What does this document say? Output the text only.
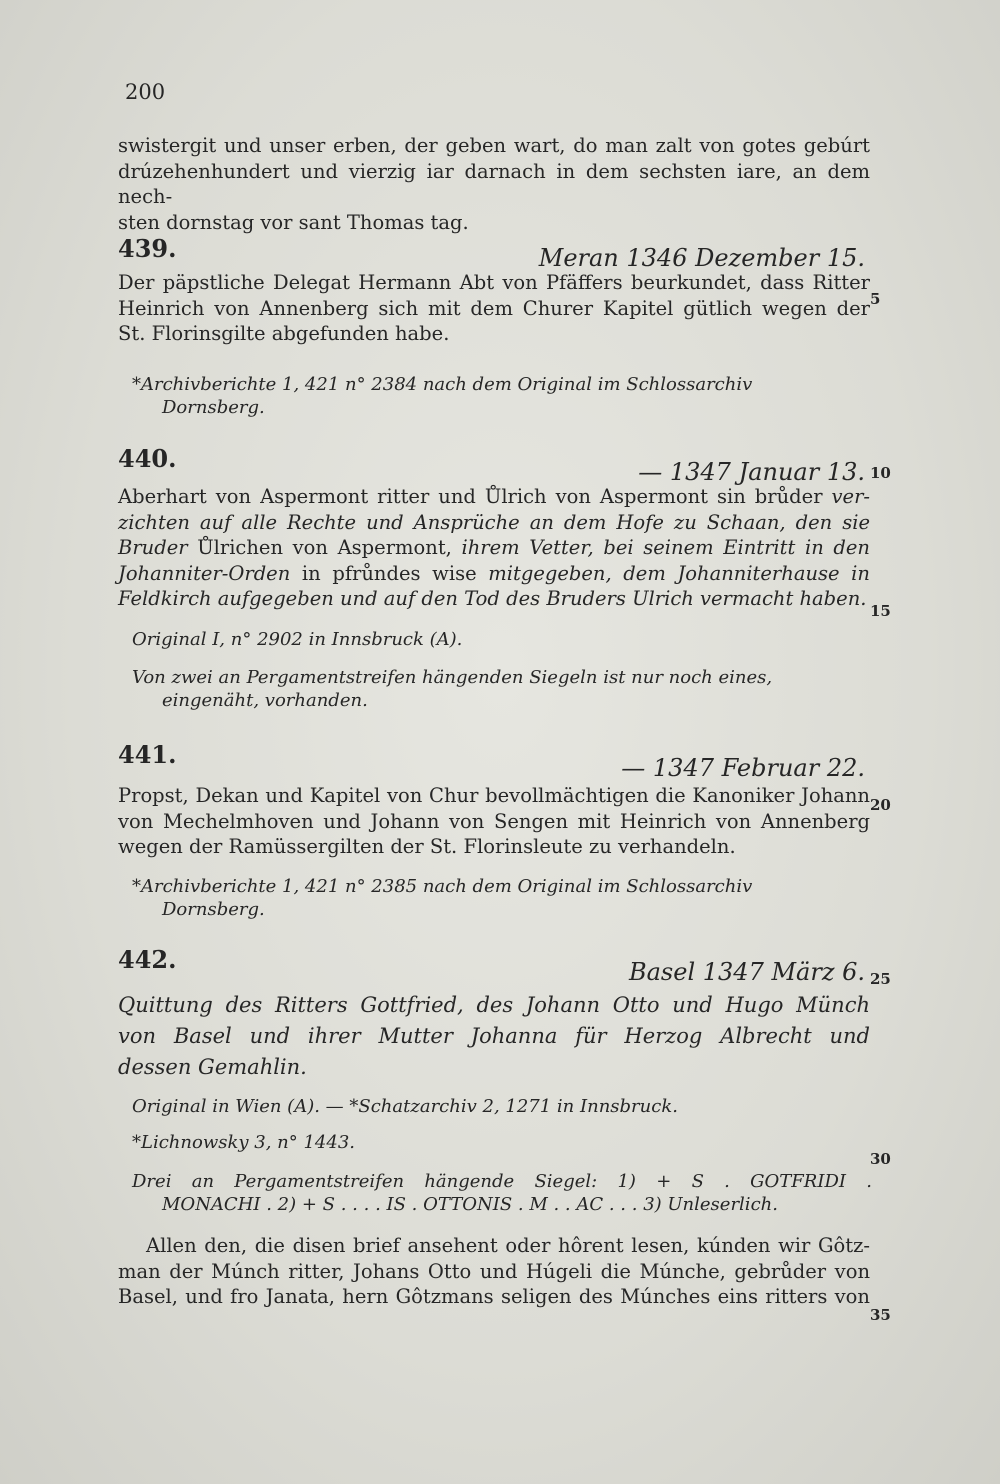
200
swistergit und unser erben, der geben wart, do man zalt von gotes gebúrt
drúzehenhundert und vierzig iar darnach in dem sechsten iare, an dem nech-
sten dornstag vor sant Thomas tag.
439.	Meran 1346 Dezember 15.
Der päpstliche Delegat Hermann Abt von Pfäffers beurkundet, dass Ritter
Heinrich von Annenberg sich mit dem Churer Kapitel gütlich wegen der
St. Florinsgilte abgefunden habe.
*Archivberichte 1, 421 n° 2384 nach dem Original im Schlossarchiv
Dornsberg.
440.	— 1347 Januar 13.
Aberhart von Aspermont ritter und Ůlrich von Aspermont sin brůder ver-
zichten auf alle Rechte und Ansprüche an dem Hofe zu Schaan, den sie
Bruder Ůlrichen von Aspermont, ihrem Vetter, bei seinem Eintritt in den
Johanniter-Orden in pfrůndes wise mitgegeben, dem Johanniterhause in
Feldkirch aufgegeben und auf den Tod des Bruders Ulrich vermacht haben.
Original I, n° 2902 in Innsbruck (A).
Von zwei an Pergamentstreifen hängenden Siegeln ist nur noch eines,
eingenäht, vorhanden.
441.	— 1347 Februar 22.
Propst, Dekan und Kapitel von Chur bevollmächtigen die Kanoniker Johann
von Mechelmhoven und Johann von Sengen mit Heinrich von Annenberg
wegen der Ramüssergilten der St. Florinsleute zu verhandeln.
*Archivberichte 1, 421 n° 2385 nach dem Original im Schlossarchiv
Dornsberg.
442.	Basel 1347 März 6.
Quittung des Ritters Gottfried, des Johann Otto und Hugo Münch
von Basel und ihrer Mutter Johanna für Herzog Albrecht und
dessen Gemahlin.
Original in Wien (A). — *Schatzarchiv 2, 1271 in Innsbruck.
*Lichnowsky 3, n° 1443.
Drei an Pergamentstreifen hängende Siegel: 1) + S . GOTFRIDI .
MONACHI . 2) + S . . . . IS . OTTONIS . M . . AC . . . 3) Unleserlich.
Allen den, die disen brief ansehent oder hôrent lesen, kúnden wir Gôtz-
man der Múnch ritter, Johans Otto und Húgeli die Múnche, gebrůder von
Basel, und fro Janata, hern Gôtzmans seligen des Múnches eins ritters von
5
10
15
20
25
30
35
